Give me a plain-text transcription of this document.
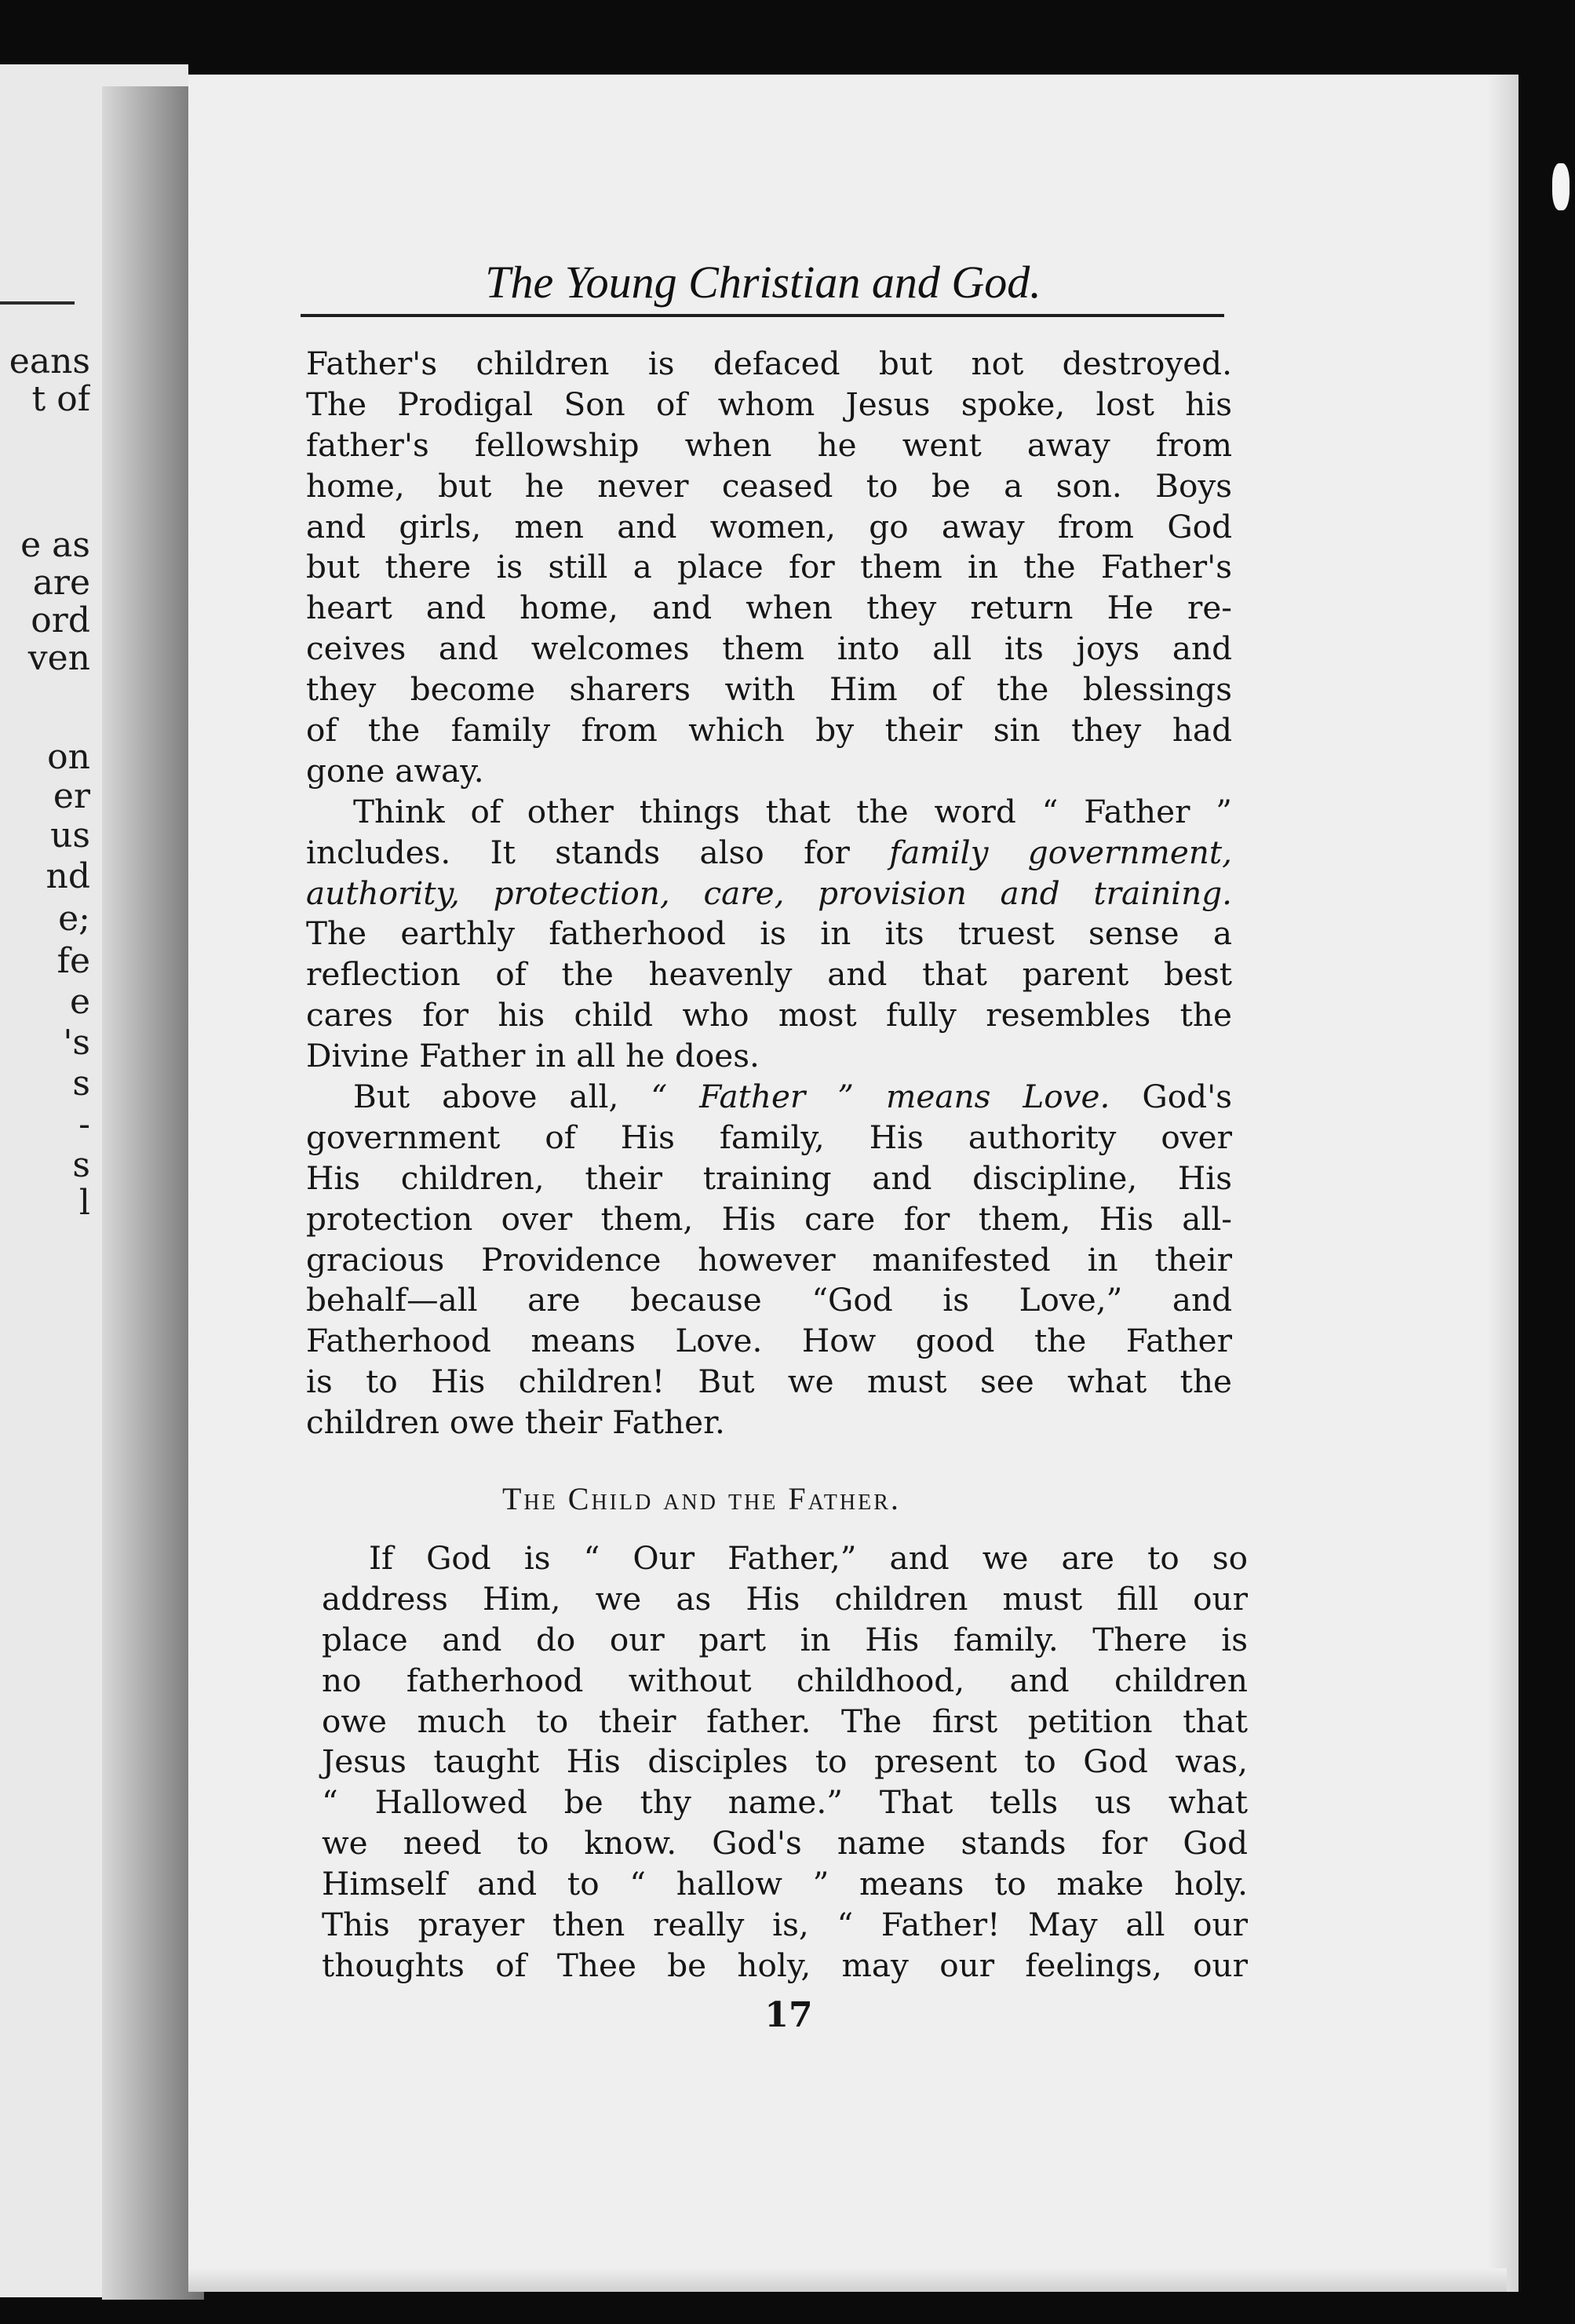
eans
t of
e as
are
ord
ven
on
er
us
nd
e;
fe
e
's
s
-
s
l
The Young Christian and God.
Father's children is defaced but not destroyed.
The Prodigal Son of whom Jesus spoke, lost his
father's fellowship when he went away from
home, but he never ceased to be a son. Boys
and girls, men and women, go away from God
but there is still a place for them in the Father's
heart and home, and when they return He re-
ceives and welcomes them into all its joys and
they become sharers with Him of the blessings
of the family from which by their sin they had
gone away.
Think of other things that the word “ Father ”
includes. It stands also for family government,
authority, protection, care, provision and training.
The earthly fatherhood is in its truest sense a
reflection of the heavenly and that parent best
cares for his child who most fully resembles the
Divine Father in all he does.
But above all, “ Father ” means Love. God's
government of His family, His authority over
His children, their training and discipline, His
protection over them, His care for them, His all-
gracious Providence however manifested in their
behalf—all are because “God is Love,” and
Fatherhood means Love. How good the Father
is to His children! But we must see what the
children owe their Father.
The Child and the Father.
If God is “ Our Father,” and we are to so
address Him, we as His children must fill our
place and do our part in His family. There is
no fatherhood without childhood, and children
owe much to their father. The first petition that
Jesus taught His disciples to present to God was,
“ Hallowed be thy name.” That tells us what
we need to know. God's name stands for God
Himself and to “ hallow ” means to make holy.
This prayer then really is, “ Father! May all our
thoughts of Thee be holy, may our feelings, our
17
